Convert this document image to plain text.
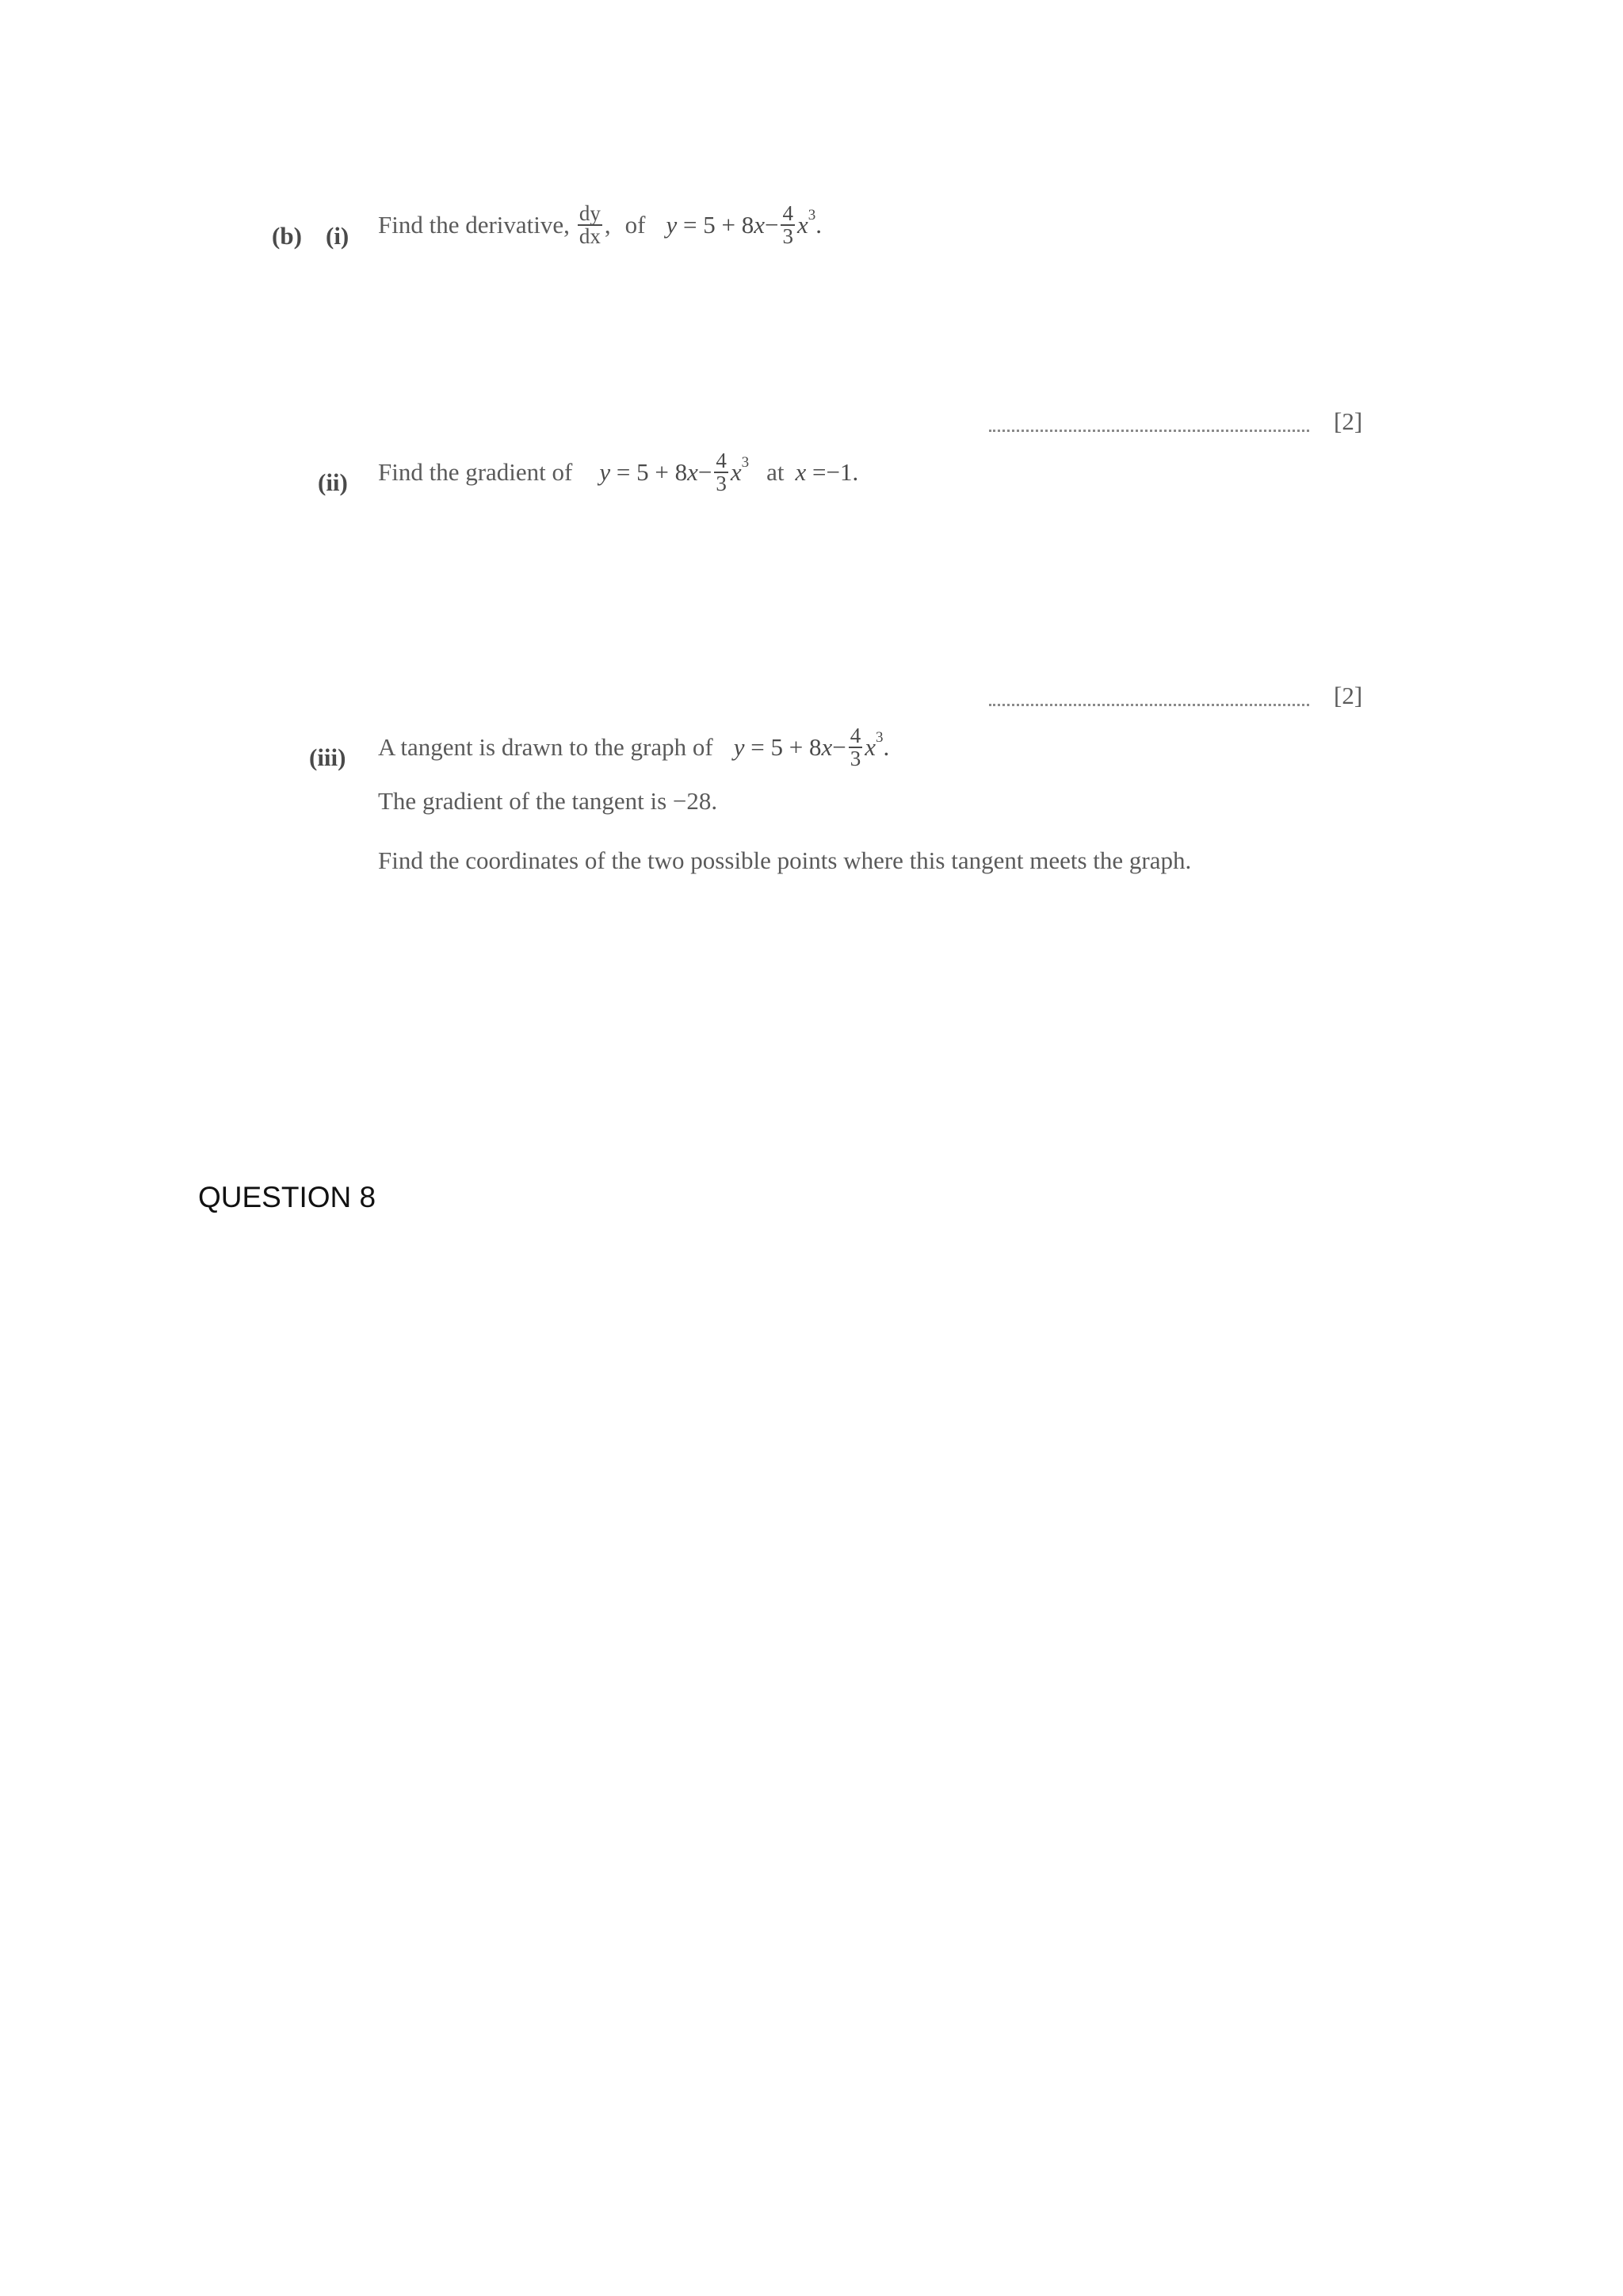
(b) (i) Find the derivative, $\frac{dy}{dx}$ , of y
= 5 + 8 $x - \frac{4}{3} x^3$ .
[2]
(ii) Find the gradient of y
= 5 + 8 $x - \frac{4}{3} x^3$ at x
=−1.
[2]
(iii) A tangent is drawn to the graph of y
= 5 + 8 $x - \frac{4}{3} x^3$ .
The gradient of the tangent is −28.
Find the coordinates of the two possible points where this tangent meets the graph.
QUESTION 8
